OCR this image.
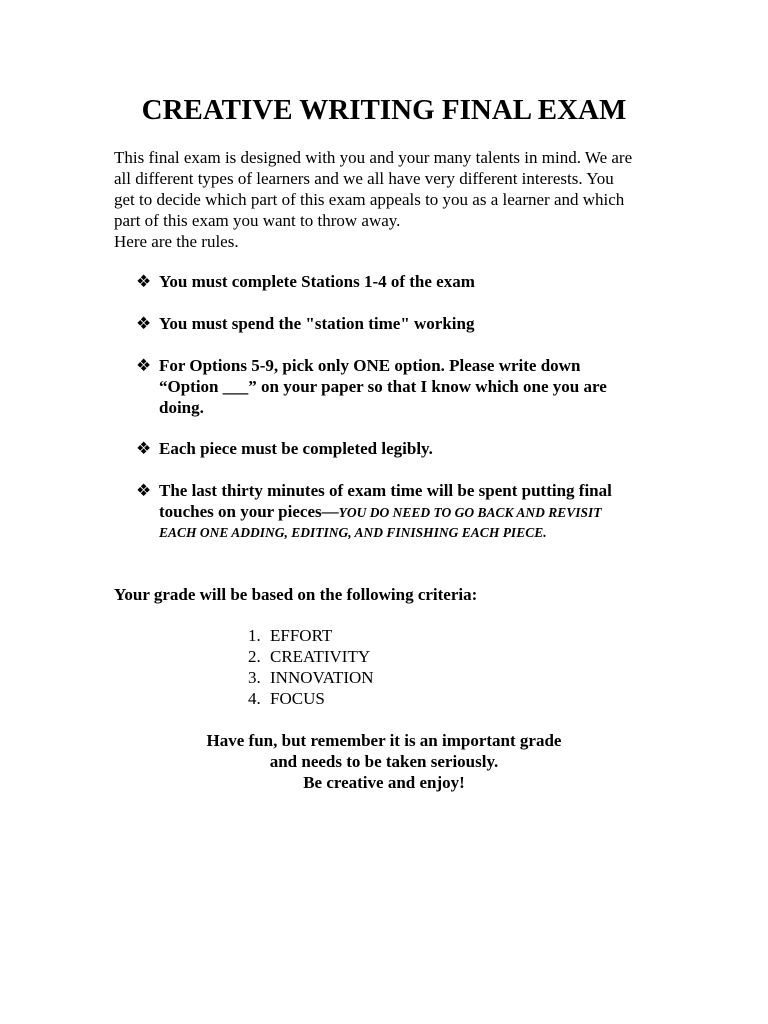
CREATIVE WRITING FINAL EXAM
This final exam is designed with you and your many talents in mind. We are
all different types of learners and we all have very different interests. You
get to decide which part of this exam appeals to you as a learner and which
part of this exam you want to throw away.
Here are the rules.
❖ You must complete Stations 1-4 of the exam
❖ You must spend the "station time" working
❖ For Options 5-9, pick only ONE option. Please write down
“Option ___” on your paper so that I know which one you are
doing.
❖ Each piece must be completed legibly.
❖ The last thirty minutes of exam time will be spent putting final
touches on your pieces—YOU DO NEED TO GO BACK AND REVISIT
EACH ONE ADDING, EDITING, AND FINISHING EACH PIECE.
Your grade will be based on the following criteria:
1. EFFORT
2. CREATIVITY
3. INNOVATION
4. FOCUS
Have fun, but remember it is an important grade
and needs to be taken seriously.
Be creative and enjoy!
